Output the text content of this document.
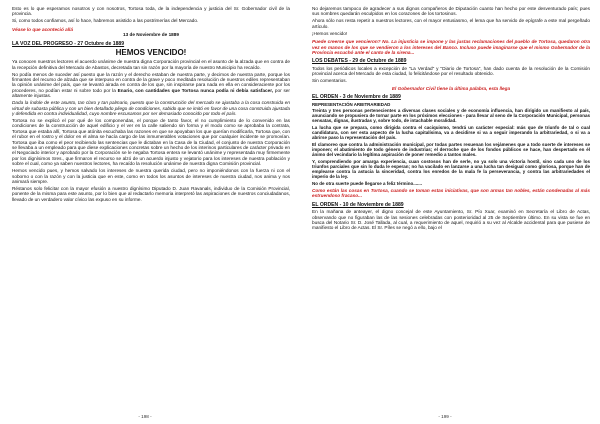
Esto es lo que esperamos nosotros y con nosotros, Tortosa toda, de la independencia y justicia del Sr. Gobernador civil de la provincia.

Si, como todos confiamos, así lo hace, habremos asistido a las postrimerías del Mercado.

Véase lo que aconteció allá

13 de Noviembre de 1889

LA VOZ DEL PROGRESO - 27 Octubre de 1889
HEMOS VENCIDO!

Ya conocen nuestros lectores el acuerdo unánime de nuestra digna Corporación provincial en el asunto de la alzada que en contra de la recepción definitiva del Mercado de Abastos, decretada tan sin razón por la mayoría de nuestro Municipio ha recaído.

No podía menos de suceder así puesto que la razón y el derecho estaban de nuestra parte, y decimos de nuestra parte, porque los firmantes del recurso de alzada que se interpuso en contra de la grave y poco meditada resolución de nuestros ediles representaban la opinión unánime del país, que se levantó airada en contra de los que, sin inspirarse para nada en ella en consideraciente por los procederes, no podían estar ni sobre todo por la Enario, con cantidades que Tortosa nunca podía ni debía satisfacer, por ser altamente injustas.

Dada la índole de este asunto, tan claro y tan palmario, puesto que la construcción del mercado se ajustaba a la cosa construida en virtud de subasta pública y con un bien detallado pliego de condiciones, sabido que se imitó en favor de una cosa construida ajustada y defendida en contra individualidad, cuyo nombre escusamos por ser demasiado conocido por todo el país.

Tortosa no se explicó el por qué de los componendas, el porque de tanto favor, el no cumplimiento de lo convenido en las condiciones de la construcción de aquel edificio y el ver en la calle saliendo sin forma y el modo como se aprobaba la contrata, Tortosa que estaba allí, Tortosa que atónita escuchaba las razones en que se apoyaban los que querían modificarla, Tortosa que, con el rubor en el rostro y el dolor en el alma se hacía cargo de las inmumerables votaciones que por cualquier incidente se promovían. Tortosa que iba como el peor recibiendo las sentencias que le dictaban en la Casa de la Ciudad, el conjunto de nuestra Corporación se llevaba a un empleado para que diese explicaciones concretas sobre un hecho de los interinos particulares de carácter privado en el Negociado interior y aprobado por la Corporación se le negaba Tortosa entera se levantó unánime y representada muy firmemente por los dignísimos Sres., que firmaron el recurso se alzó de un acuerdo injusto y vejatorio para los intereses de nuestra población y sobre el cual, como ya saben nuestros lectores, ha recaído la resolución unánime de nuestra digna Comisión provincial.

Hemos vencido pues, y hemos salvado los intereses de nuestra querida ciudad, pero no imponiéndonos con la fuerza ni con el soborno o con la razón y con la justicia que en este, como en todos los asuntos de intereses de nuestra ciudad, nos anima y nos animará siempre.

Réstanos solo felicitar con la mayor efusión a nuestro dignísimo Diputado D. Juan Ravanals, individuo de la Comisión Provincial, ponente de la misma para este asunto, por lo bien que al redactarlo memoria interpretó las aspiraciones de nuestros conciudadanos, llevado de un verdadero valor cívico las expuso en su informe.

- 198 -

No dejaremos tampoco de agradecer a sus dignos compañeros de Diputación cuanto han hecho por este desventurado país; pues sus nombres quedarán esculpidos en los corazones de los tortosinos.

Ahora sólo nos resta repetir a nuestros lectores, con el mayor entusiasmo, el lema que ha servido de epígrafe a este mal pergeñado artículo.

¡Hemos vencido!

Puede creerse que vencieron? No. La injusticia se impone y las justas reclamaciones del pueblo de Tortosa, quedaron otra vez en manos de los que se vendieron a los intereses del Banco. Incluso puede imaginarse que el mismo Gobernador de la Provincia escuchó ante el canto de la sirena...

LOS DEBATES - 29 de Octubre de 1889

Todos los periódicos locales a excepción de "La Verdad" y "Diario de Tortosa", han dado cuenta de la resolución de la Comisión provincial acerca del Mercado de esta ciudad, lo felicitándose por el resultado obtenido.

Sin comentarios.

El Gobernador Civil tiene la última palabra, esta llega

EL ORDEN - 3 de Noviembre de 1889

REPRESENTACIÓN ARBITRARIEDAD

Treinta y tres personas pertenecientes a diversas clases sociales y de economía influencia, han dirigido un manifiesto al país, anunciando se propusiera de tornar parte en los próximos elecciones - para llevar al seno de la Corporación Municipal, personas sensatas, dignas, ilustradas y, sobre todo, de intachable moralidad.

La lucha que se prepara, como dirigida contra el caciquismo, tendrá un carácter especial: más que de triunfo de tal o cual candidatura, con ser esta aspecto de la lucha capitalísima, va a decidirse si va a seguir imperando la arbitrariedad, o si va a abrirse paso la representación del país.

El clamoreo que contra la administración municipal, por todas partes resuenan los vejámenes que a todo suerte de intereses se imponen; el abatimiento de todo género de industrias; el derroche que de los fondos públicos se hace, han despertado en él ánimo del vecindario la legítima aspiración de poner remedio a tantos males.

Y, comprendiendo por amarga experiencia, cuan costosos han de serle, no ya solo una victoria hostil, sino cada uno de los triunfos parciales que sin lo duda le esperan; no ha vacilado en lanzarse a una lucha tan desigual como gloriosa, porque han de emplearse contra la astucia la sinceridad, contra los enredos de la mala fe la perseverancia, y contra las arbitrariedades el imperio de la ley.

No de otra suerte puede llegarse a feliz término.......

Como están las cosas en Tortosa, cuando se toman estas iniciativas, que son armas tan nobles, están condenadas al más estruendoso fracaso...

EL ORDEN - 10 de Noviembre de 1889

En la mañana de anteayer, el digno concejal de este Ayuntamiento, Sr. Pío Xuar, examinó en Secretaría el Libro de Actas, observando que no figuraban las de las sesiones celebradas con posterioridad al 25 de Septiembre último. En su vista se fue en busca del Notario Sr. D. José Tallada, al cual, a requerimiento de aquel, requirió a su vez al Alcalde accidental para que pusiese de manifiesto el Libro de Actas. El Sr. Píles se negó a ello, bajo el

- 199 -
